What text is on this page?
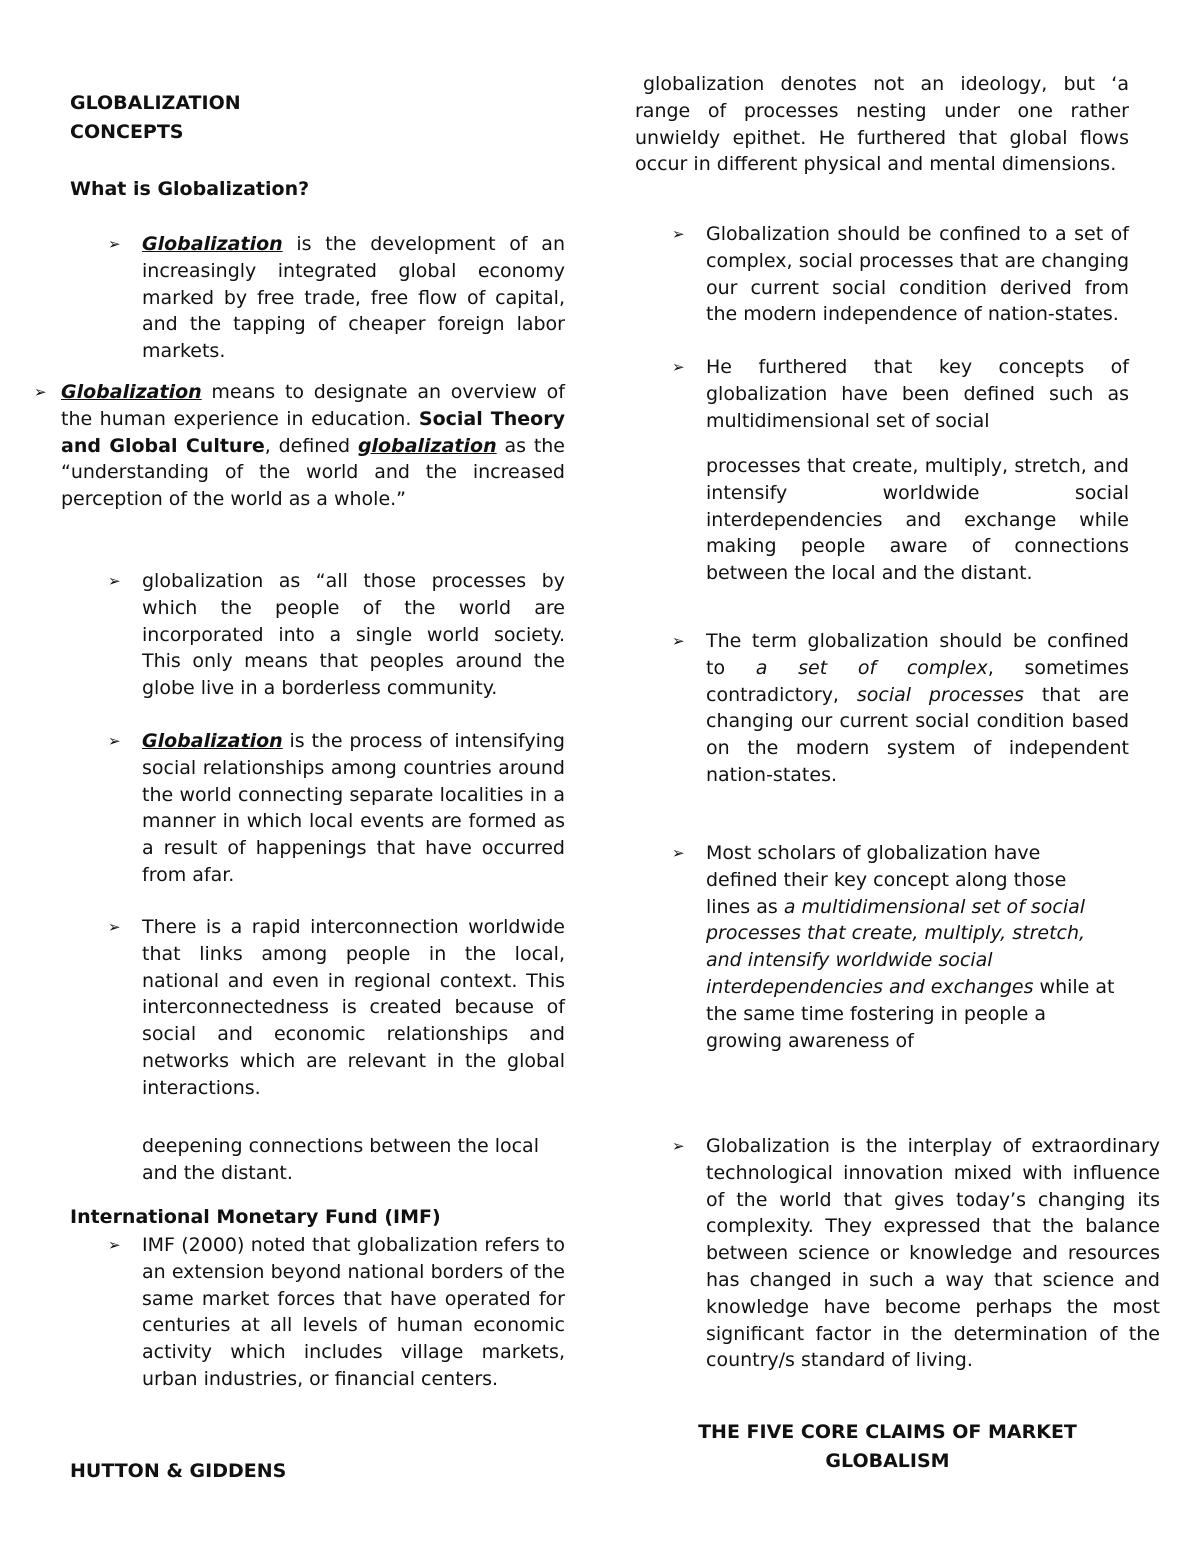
GLOBALIZATION
CONCEPTS
What is Globalization?
➢ Globalization is the development of an increasingly integrated global economy marked by free trade, free flow of capital, and the tapping of cheaper foreign labor markets.

➢ Globalization means to designate an overview of the human experience in education. Social Theory and Global Culture, defined globalization as the “understanding of the world and the increased perception of the world as a whole.”

➢ globalization as “all those processes by which the people of the world are incorporated into a single world society. This only means that peoples around the globe live in a borderless community.

➢ Globalization is the process of intensifying social relationships among countries around the world connecting separate localities in a manner in which local events are formed as a result of happenings that have occurred from afar.

➢ There is a rapid interconnection worldwide that links among people in the local, national and even in regional context. This interconnectedness is created because of social and economic relationships and networks which are relevant in the global interactions.

deepening connections between the local and the distant.

International Monetary Fund (IMF)
➢ IMF (2000) noted that globalization refers to an extension beyond national borders of the same market forces that have operated for centuries at all levels of human economic activity which includes village markets, urban industries, or financial centers.

HUTTON & GIDDENS

globalization denotes not an ideology, but ‘a range of processes nesting under one rather unwieldy epithet. He furthered that global flows occur in different physical and mental dimensions.

➢ Globalization should be confined to a set of complex, social processes that are changing our current social condition derived from the modern independence of nation-states.

➢ He furthered that key concepts of globalization have been defined such as multidimensional set of social

processes that create, multiply, stretch, and intensify worldwide social interdependencies and exchange while making people aware of connections between the local and the distant.

➢ The term globalization should be confined to a set of complex, sometimes contradictory, social processes that are changing our current social condition based on the modern system of independent nation-states.

➢ Most scholars of globalization have defined their key concept along those lines as a multidimensional set of social processes that create, multiply, stretch, and intensify worldwide social interdependencies and exchanges while at the same time fostering in people a growing awareness of

➢ Globalization is the interplay of extraordinary technological innovation mixed with influence of the world that gives today’s changing its complexity. They expressed that the balance between science or knowledge and resources has changed in such a way that science and knowledge have become perhaps the most significant factor in the determination of the country/s standard of living.

THE FIVE CORE CLAIMS OF MARKET
GLOBALISM
